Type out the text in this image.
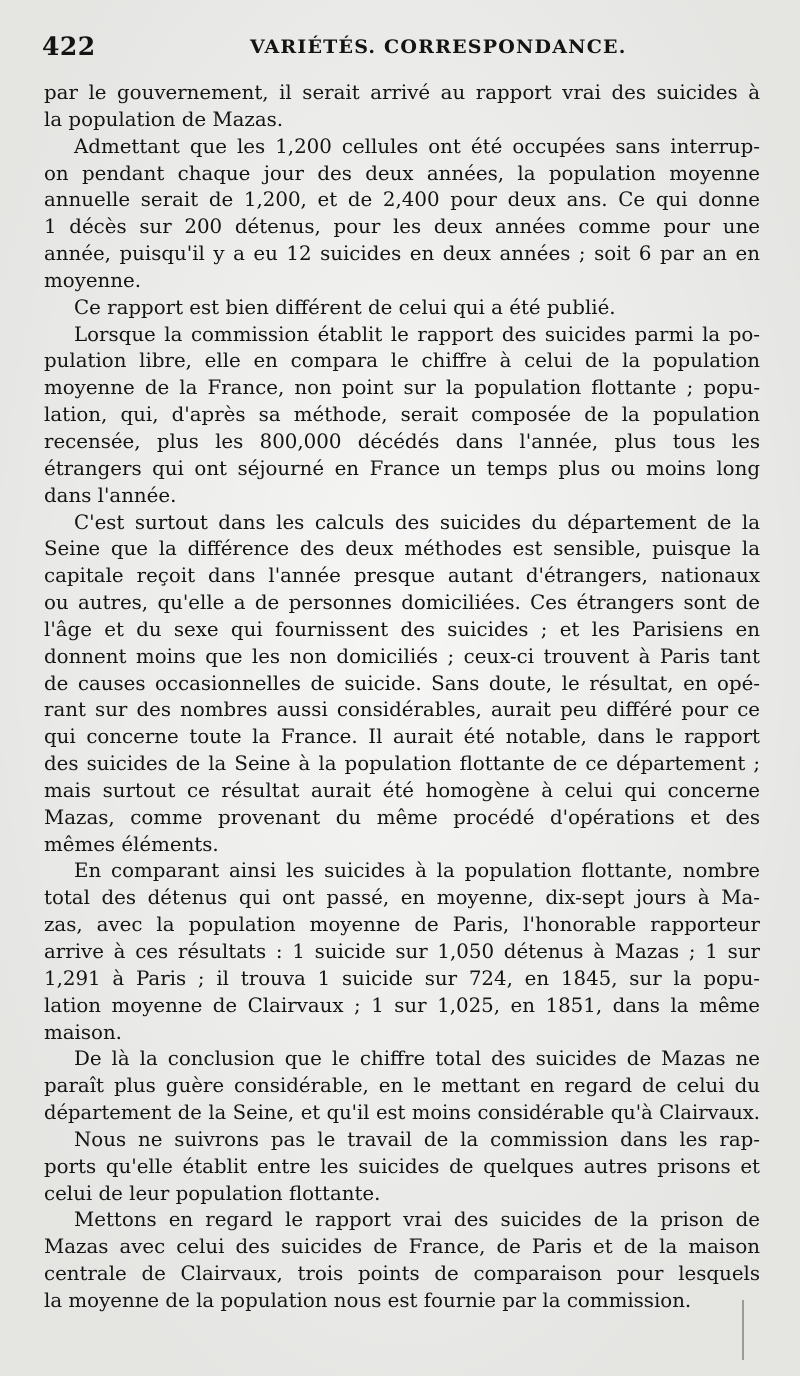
422	VARIÉTÉS. CORRESPONDANCE.
par le gouvernement, il serait arrivé au rapport vrai des suicides à
la population de Mazas.
Admettant que les 1,200 cellules ont été occupées sans interrup-
on pendant chaque jour des deux années, la population moyenne
annuelle serait de 1,200, et de 2,400 pour deux ans. Ce qui donne
1 décès sur 200 détenus, pour les deux années comme pour une
année, puisqu'il y a eu 12 suicides en deux années ; soit 6 par an en
moyenne.
Ce rapport est bien différent de celui qui a été publié.
Lorsque la commission établit le rapport des suicides parmi la po-
pulation libre, elle en compara le chiffre à celui de la population
moyenne de la France, non point sur la population flottante ; popu-
lation, qui, d'après sa méthode, serait composée de la population
recensée, plus les 800,000 décédés dans l'année, plus tous les
étrangers qui ont séjourné en France un temps plus ou moins long
dans l'année.
C'est surtout dans les calculs des suicides du département de la
Seine que la différence des deux méthodes est sensible, puisque la
capitale reçoit dans l'année presque autant d'étrangers, nationaux
ou autres, qu'elle a de personnes domiciliées. Ces étrangers sont de
l'âge et du sexe qui fournissent des suicides ; et les Parisiens en
donnent moins que les non domiciliés ; ceux-ci trouvent à Paris tant
de causes occasionnelles de suicide. Sans doute, le résultat, en opé-
rant sur des nombres aussi considérables, aurait peu différé pour ce
qui concerne toute la France. Il aurait été notable, dans le rapport
des suicides de la Seine à la population flottante de ce département ;
mais surtout ce résultat aurait été homogène à celui qui concerne
Mazas, comme provenant du même procédé d'opérations et des
mêmes éléments.
En comparant ainsi les suicides à la population flottante, nombre
total des détenus qui ont passé, en moyenne, dix-sept jours à Ma-
zas, avec la population moyenne de Paris, l'honorable rapporteur
arrive à ces résultats : 1 suicide sur 1,050 détenus à Mazas ; 1 sur
1,291 à Paris ; il trouva 1 suicide sur 724, en 1845, sur la popu-
lation moyenne de Clairvaux ; 1 sur 1,025, en 1851, dans la même
maison.
De là la conclusion que le chiffre total des suicides de Mazas ne
paraît plus guère considérable, en le mettant en regard de celui du
département de la Seine, et qu'il est moins considérable qu'à Clairvaux.
Nous ne suivrons pas le travail de la commission dans les rap-
ports qu'elle établit entre les suicides de quelques autres prisons et
celui de leur population flottante.
Mettons en regard le rapport vrai des suicides de la prison de
Mazas avec celui des suicides de France, de Paris et de la maison
centrale de Clairvaux, trois points de comparaison pour lesquels
la moyenne de la population nous est fournie par la commission.
